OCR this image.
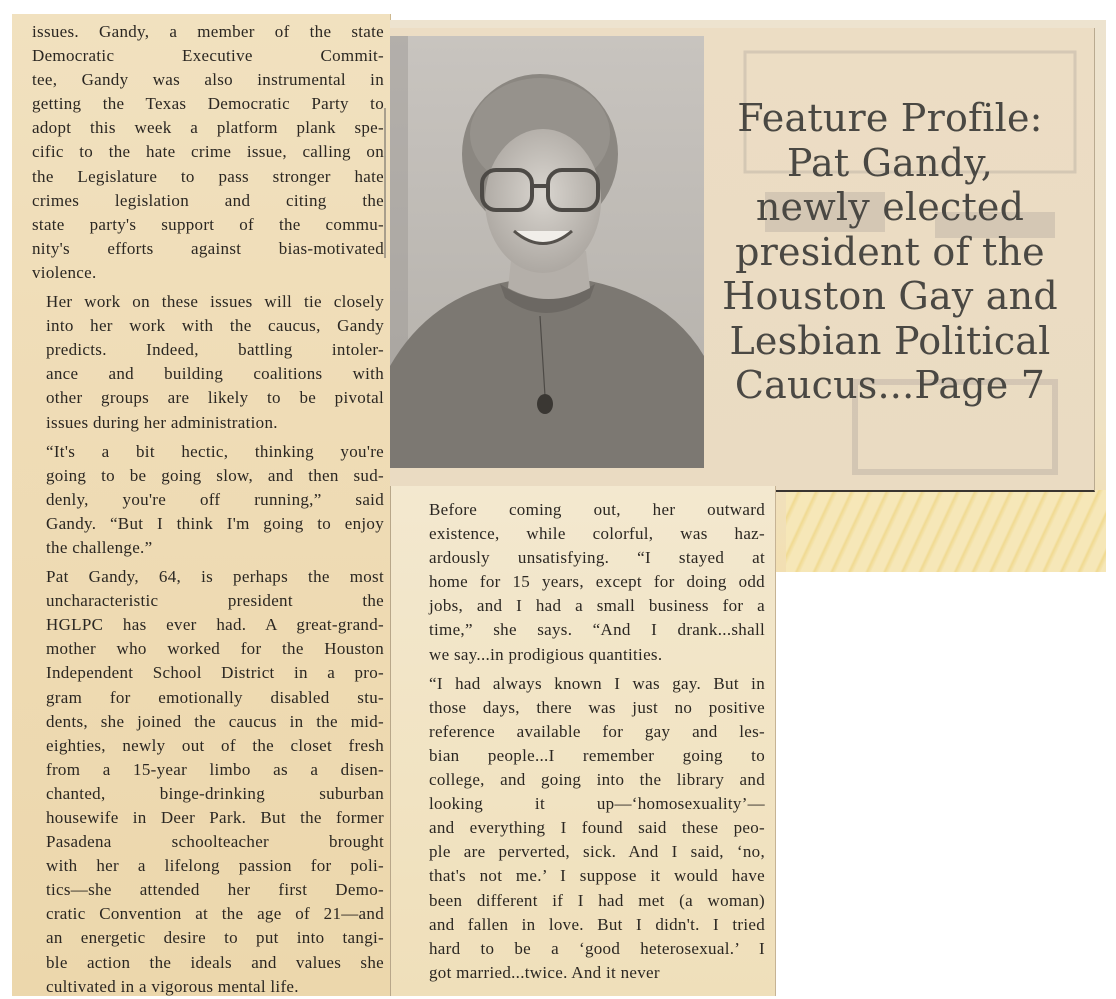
issues. Gandy, a member of the state
Democratic Executive Commit-
tee, Gandy was also instrumental in
getting the Texas Democratic Party to
adopt this week a platform plank spe-
cific to the hate crime issue, calling on
the Legislature to pass stronger hate
crimes legislation and citing the
state party's support of the commu-
nity's efforts against bias-motivated
violence.
Her work on these issues will tie closely
into her work with the caucus, Gandy
predicts. Indeed, battling intoler-
ance and building coalitions with
other groups are likely to be pivotal
issues during her administration.
“It's a bit hectic, thinking you're
going to be going slow, and then sud-
denly, you're off running,” said
Gandy. “But I think I'm going to enjoy
the challenge.”
Pat Gandy, 64, is perhaps the most
uncharacteristic president the
HGLPC has ever had. A great-grand-
mother who worked for the Houston
Independent School District in a pro-
gram for emotionally disabled stu-
dents, she joined the caucus in the mid-
eighties, newly out of the closet fresh
from a 15-year limbo as a disen-
chanted, binge-drinking suburban
housewife in Deer Park. But the former
Pasadena schoolteacher brought
with her a lifelong passion for poli-
tics—she attended her first Demo-
cratic Convention at the age of 21—and
an energetic desire to put into tangi-
ble action the ideals and values she
cultivated in a vigorous mental life.
Feature Profile:
Pat Gandy,
newly elected
president of the
Houston Gay and
Lesbian Political
Caucus...Page 7
Before coming out, her outward
existence, while colorful, was haz-
ardously unsatisfying. “I stayed at
home for 15 years, except for doing odd
jobs, and I had a small business for a
time,” she says. “And I drank...shall
we say...in prodigious quantities.
“I had always known I was gay. But in
those days, there was just no positive
reference available for gay and les-
bian people...I remember going to
college, and going into the library and
looking it up—‘homosexuality’—
and everything I found said these peo-
ple are perverted, sick. And I said, ‘no,
that's not me.’ I suppose it would have
been different if I had met (a woman)
and fallen in love. But I didn't. I tried
hard to be a ‘good heterosexual.’ I
got married...twice. And it never
